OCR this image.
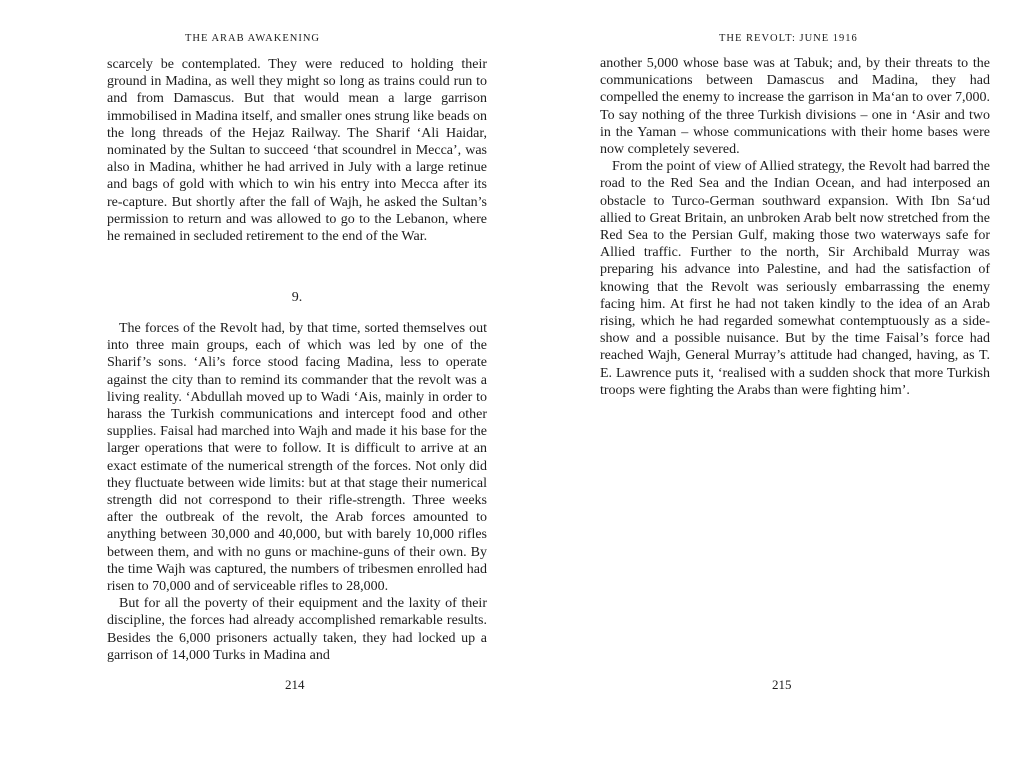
THE ARAB AWAKENING

scarcely be contemplated. They were reduced to holding their ground in Madina, as well they might so long as trains could run to and from Damascus. But that would mean a large garrison immobilised in Madina itself, and smaller ones strung like beads on the long threads of the Hejaz Railway. The Sharif ‘Ali Haidar, nominated by the Sultan to succeed ‘that scoundrel in Mecca’, was also in Madina, whither he had arrived in July with a large retinue and bags of gold with which to win his entry into Mecca after its re-capture. But shortly after the fall of Wajh, he asked the Sultan’s permission to return and was allowed to go to the Lebanon, where he remained in secluded retirement to the end of the War.

9.

The forces of the Revolt had, by that time, sorted themselves out into three main groups, each of which was led by one of the Sharif’s sons. ‘Ali’s force stood facing Madina, less to operate against the city than to remind its commander that the revolt was a living reality. ‘Abdullah moved up to Wadi ‘Ais, mainly in order to harass the Turkish communications and intercept food and other supplies. Faisal had marched into Wajh and made it his base for the larger operations that were to follow. It is difficult to arrive at an exact estimate of the numerical strength of the forces. Not only did they fluctuate between wide limits: but at that stage their numerical strength did not correspond to their rifle-strength. Three weeks after the outbreak of the revolt, the Arab forces amounted to anything between 30,000 and 40,000, but with barely 10,000 rifles between them, and with no guns or machine-guns of their own. By the time Wajh was captured, the numbers of tribesmen enrolled had risen to 70,000 and of serviceable rifles to 28,000.

But for all the poverty of their equipment and the laxity of their discipline, the forces had already accomplished remarkable results. Besides the 6,000 prisoners actually taken, they had locked up a garrison of 14,000 Turks in Madina and

214
THE REVOLT: JUNE 1916

another 5,000 whose base was at Tabuk; and, by their threats to the communications between Damascus and Madina, they had compelled the enemy to increase the garrison in Ma‘an to over 7,000. To say nothing of the three Turkish divisions – one in ‘Asir and two in the Yaman – whose communications with their home bases were now completely severed.

From the point of view of Allied strategy, the Revolt had barred the road to the Red Sea and the Indian Ocean, and had interposed an obstacle to Turco-German southward expansion. With Ibn Sa‘ud allied to Great Britain, an unbroken Arab belt now stretched from the Red Sea to the Persian Gulf, making those two waterways safe for Allied traffic. Further to the north, Sir Archibald Murray was preparing his advance into Palestine, and had the satisfaction of knowing that the Revolt was seriously embarrassing the enemy facing him. At first he had not taken kindly to the idea of an Arab rising, which he had regarded somewhat contemptuously as a side-show and a possible nuisance. But by the time Faisal’s force had reached Wajh, General Murray’s attitude had changed, having, as T. E. Lawrence puts it, ‘realised with a sudden shock that more Turkish troops were fighting the Arabs than were fighting him’.

215
